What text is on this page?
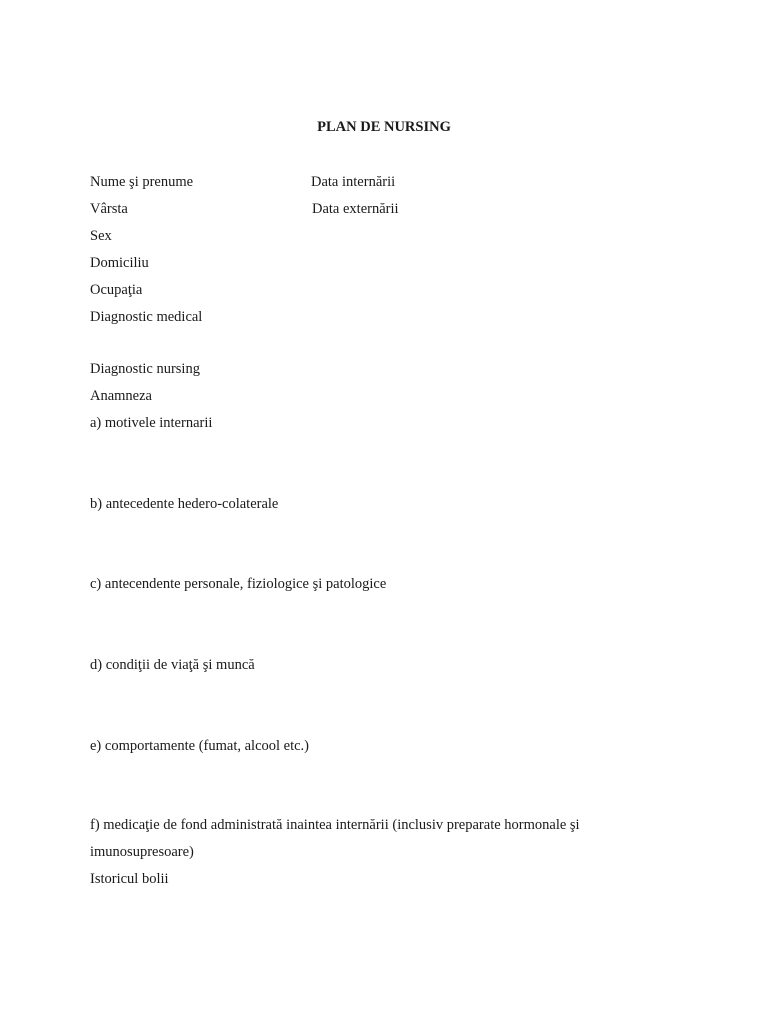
PLAN DE NURSING
Nume şi prenume	Data internării
Vârsta	Data externării
Sex
Domiciliu
Ocupaţia
Diagnostic medical
Diagnostic nursing
Anamneza
a) motivele internarii
b) antecedente hedero-colaterale
c) antecendente personale, fiziologice şi patologice
d) condiţii de viaţă şi muncă
e) comportamente (fumat, alcool etc.)
f) medicaţie de fond administrată inaintea internării (inclusiv preparate hormonale şi
imunosupresoare)
Istoricul bolii
